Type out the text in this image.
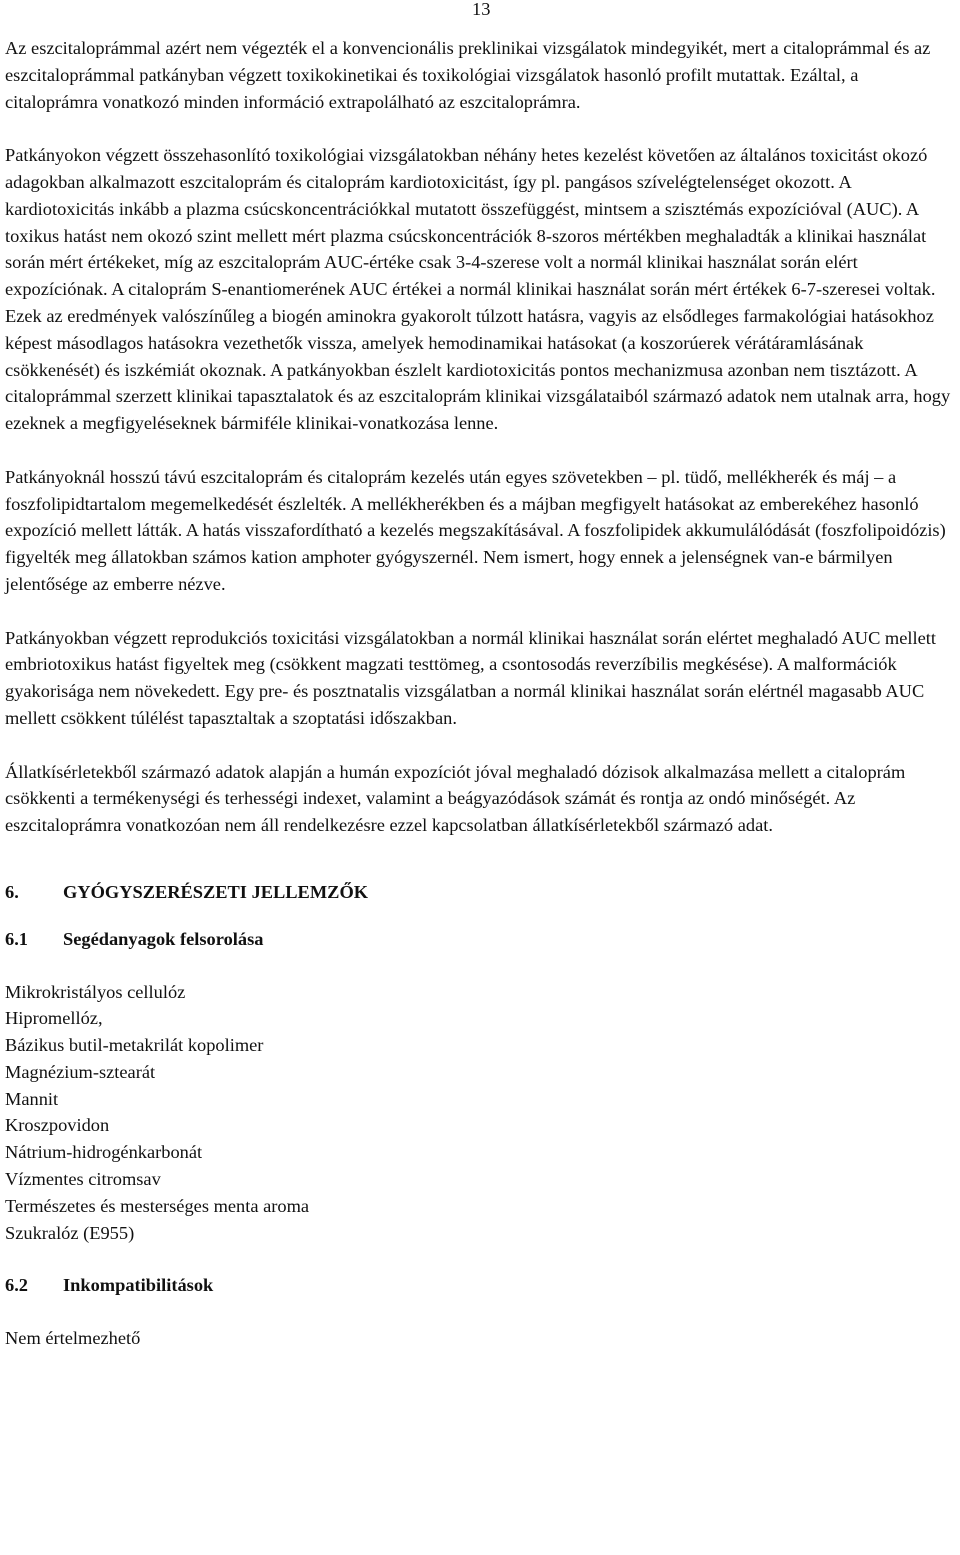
13

Az eszcitaloprámmal azért nem végezték el a konvencionális preklinikai vizsgálatok mindegyikét, mert a citaloprámmal és az eszcitaloprámmal patkányban végzett toxikokinetikai és toxikológiai vizsgálatok hasonló profilt mutattak. Ezáltal, a citaloprámra vonatkozó minden információ extrapolálható az eszcitaloprámra.

Patkányokon végzett összehasonlító toxikológiai vizsgálatokban néhány hetes kezelést követően az általános toxicitást okozó adagokban alkalmazott eszcitaloprám és citaloprám kardiotoxicitást, így pl. pangásos szívelégtelenséget okozott. A kardiotoxicitás inkább a plazma csúcskoncentrációkkal mutatott összefüggést, mintsem a szisztémás expozícióval (AUC). A toxikus hatást nem okozó szint mellett mért plazma csúcskoncentrációk 8-szoros mértékben meghaladták a klinikai használat során mért értékeket, míg az eszcitaloprám AUC-értéke csak 3-4-szerese volt a normál klinikai használat során elért expozíciónak. A citaloprám S-enantiomerének AUC értékei a normál klinikai használat során mért értékek 6-7-szeresei voltak. Ezek az eredmények valószínűleg a biogén aminokra gyakorolt túlzott hatásra, vagyis az elsődleges farmakológiai hatásokhoz képest másodlagos hatásokra vezethetők vissza, amelyek hemodinamikai hatásokat (a koszorúerek vérátáramlásának csökkenését) és iszkémiát okoznak. A patkányokban észlelt kardiotoxicitás pontos mechanizmusa azonban nem tisztázott. A citaloprámmal szerzett klinikai tapasztalatok és az eszcitaloprám klinikai vizsgálataiból származó adatok nem utalnak arra, hogy ezeknek a megfigyeléseknek bármiféle klinikai-vonatkozása lenne.

Patkányoknál hosszú távú eszcitaloprám és citaloprám kezelés után egyes szövetekben ‒ pl. tüdő, mellékherék és máj ‒ a foszfolipidtartalom megemelkedését észlelték. A mellékherékben és a májban megfigyelt hatásokat az emberekéhez hasonló expozíció mellett látták. A hatás visszafordítható a kezelés megszakításával. A foszfolipidek akkumulálódását (foszfolipoidózis) figyelték meg állatokban számos kation amphoter gyógyszernél. Nem ismert, hogy ennek a jelenségnek van-e bármilyen jelentősége az emberre nézve.

Patkányokban végzett reprodukciós toxicitási vizsgálatokban a normál klinikai használat során elértet meghaladó AUC mellett embriotoxikus hatást figyeltek meg (csökkent magzati testtömeg, a csontosodás reverzíbilis megkésése). A malformációk gyakorisága nem növekedett. Egy pre- és posztnatalis vizsgálatban a normál klinikai használat során elértnél magasabb AUC mellett csökkent túlélést tapasztaltak a szoptatási időszakban.

Állatkísérletekből származó adatok alapján a humán expozíciót jóval meghaladó dózisok alkalmazása mellett a citaloprám csökkenti a termékenységi és terhességi indexet, valamint a beágyazódások számát és rontja az ondó minőségét. Az eszcitaloprámra vonatkozóan nem áll rendelkezésre ezzel kapcsolatban állatkísérletekből származó adat.

6. GYÓGYSZERÉSZETI JELLEMZŐK

6.1 Segédanyagok felsorolása

Mikrokristályos cellulóz
Hipromellóz,
Bázikus butil-metakrilát kopolimer
Magnézium-sztearát
Mannit
Kroszpovidon
Nátrium-hidrogénkarbonát
Vízmentes citromsav
Természetes és mesterséges menta aroma
Szukralóz (E955)

6.2 Inkompatibilitások

Nem értelmezhető
